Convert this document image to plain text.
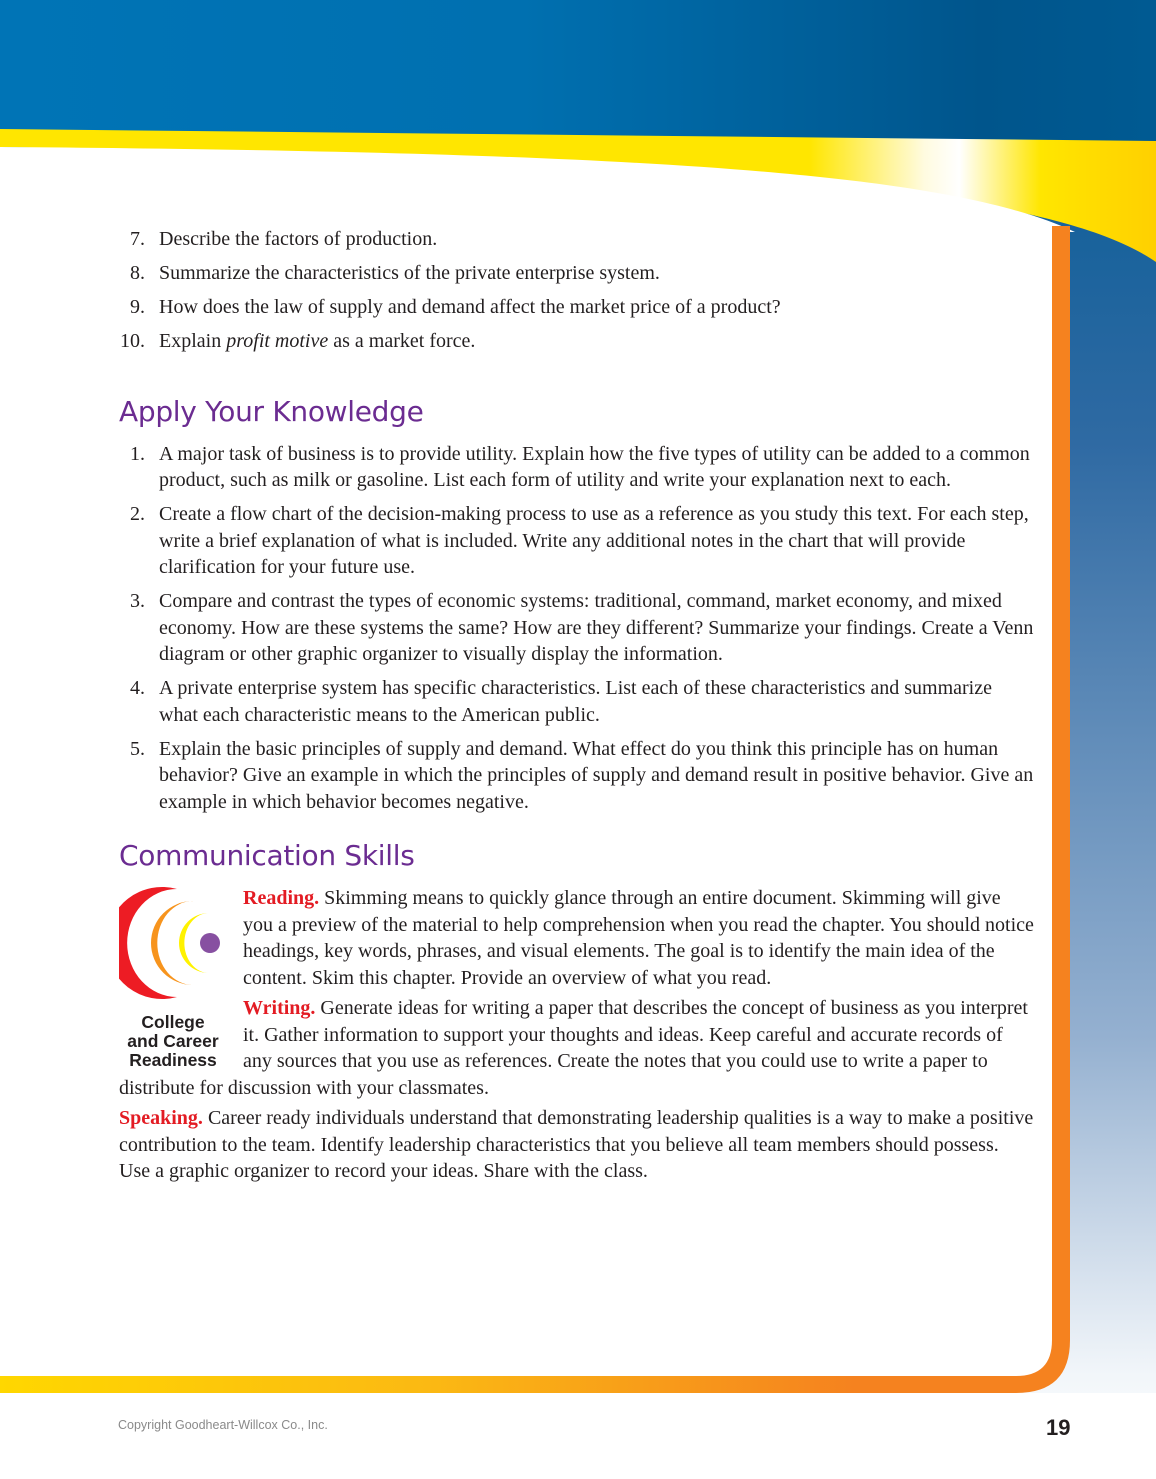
7. Describe the factors of production.
8. Summarize the characteristics of the private enterprise system.
9. How does the law of supply and demand affect the market price of a product?
10. Explain profit motive as a market force.
Apply Your Knowledge
1. A major task of business is to provide utility. Explain how the five types of utility can be added to a common product, such as milk or gasoline. List each form of utility and write your explanation next to each.
2. Create a flow chart of the decision-making process to use as a reference as you study this text. For each step, write a brief explanation of what is included. Write any additional notes in the chart that will provide clarification for your future use.
3. Compare and contrast the types of economic systems: traditional, command, market economy, and mixed economy. How are these systems the same? How are they different? Summarize your findings. Create a Venn diagram or other graphic organizer to visually display the information.
4. A private enterprise system has specific characteristics. List each of these characteristics and summarize what each characteristic means to the American public.
5. Explain the basic principles of supply and demand. What effect do you think this principle has on human behavior? Give an example in which the principles of supply and demand result in positive behavior. Give an example in which behavior becomes negative.
Communication Skills
College
and Career
Readiness

Reading. Skimming means to quickly glance through an entire document. Skimming will give you a preview of the material to help comprehension when you read the chapter. You should notice headings, key words, phrases, and visual elements. The goal is to identify the main idea of the content. Skim this chapter. Provide an overview of what you read.

Writing. Generate ideas for writing a paper that describes the concept of business as you interpret it. Gather information to support your thoughts and ideas. Keep careful and accurate records of any sources that you use as references. Create the notes that you could use to write a paper to distribute for discussion with your classmates.

Speaking. Career ready individuals understand that demonstrating leadership qualities is a way to make a positive contribution to the team. Identify leadership characteristics that you believe all team members should possess. Use a graphic organizer to record your ideas. Share with the class.

Copyright Goodheart-Willcox Co., Inc.	19
